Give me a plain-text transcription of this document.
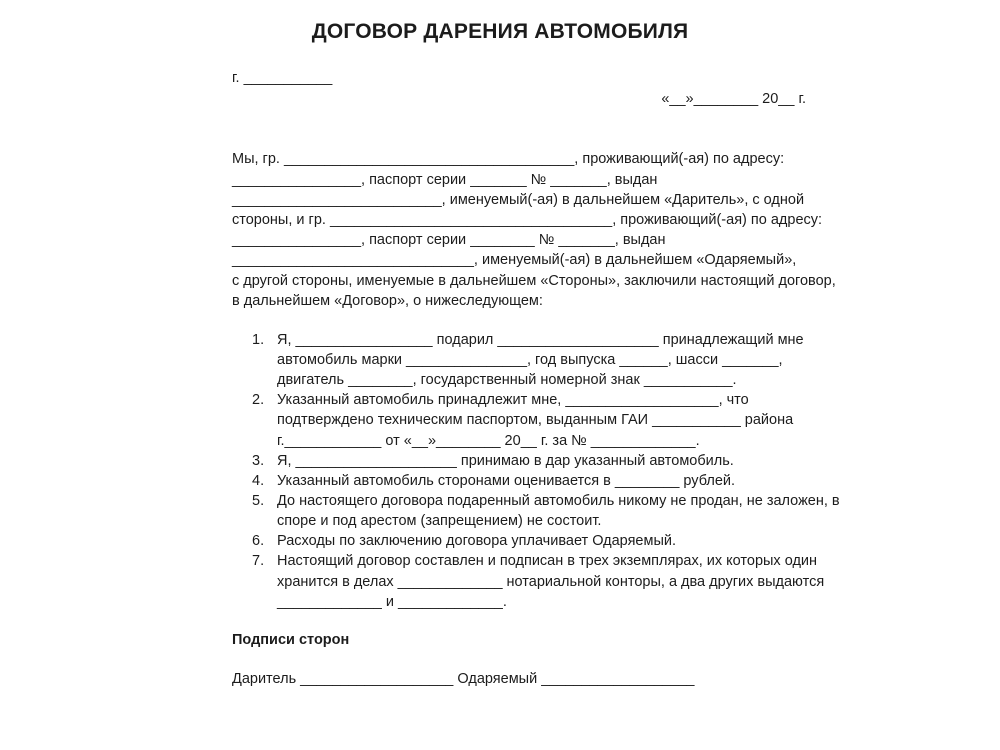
ДОГОВОР ДАРЕНИЯ АВТОМОБИЛЯ
г. ___________
«__»________ 20__ г.
Мы, гр. ____________________________________, проживающий(-ая) по адресу:
________________, паспорт серии _______ № _______, выдан
__________________________, именуемый(-ая) в дальнейшем «Даритель», с одной
стороны, и гр. ___________________________________, проживающий(-ая) по адресу:
________________, паспорт серии ________ № _______, выдан
______________________________, именуемый(-ая) в дальнейшем «Одаряемый»,
с другой стороны, именуемые в дальнейшем «Стороны», заключили настоящий договор,
в дальнейшем «Договор», о нижеследующем:
1. Я, _________________ подарил ____________________ принадлежащий мне
автомобиль марки _______________, год выпуска ______, шасси _______,
двигатель ________, государственный номерной знак ___________.
2. Указанный автомобиль принадлежит мне, ___________________, что
подтверждено техническим паспортом, выданным ГАИ ___________ района
г.____________ от «__»________ 20__ г. за № _____________.
3. Я, ____________________ принимаю в дар указанный автомобиль.
4. Указанный автомобиль сторонами оценивается в ________ рублей.
5. До настоящего договора подаренный автомобиль никому не продан, не заложен, в
споре и под арестом (запрещением) не состоит.
6. Расходы по заключению договора уплачивает Одаряемый.
7. Настоящий договор составлен и подписан в трех экземплярах, их которых один
хранится в делах _____________ нотариальной конторы, а два других выдаются
_____________ и _____________.
Подписи сторон
Даритель ___________________ Одаряемый ___________________
